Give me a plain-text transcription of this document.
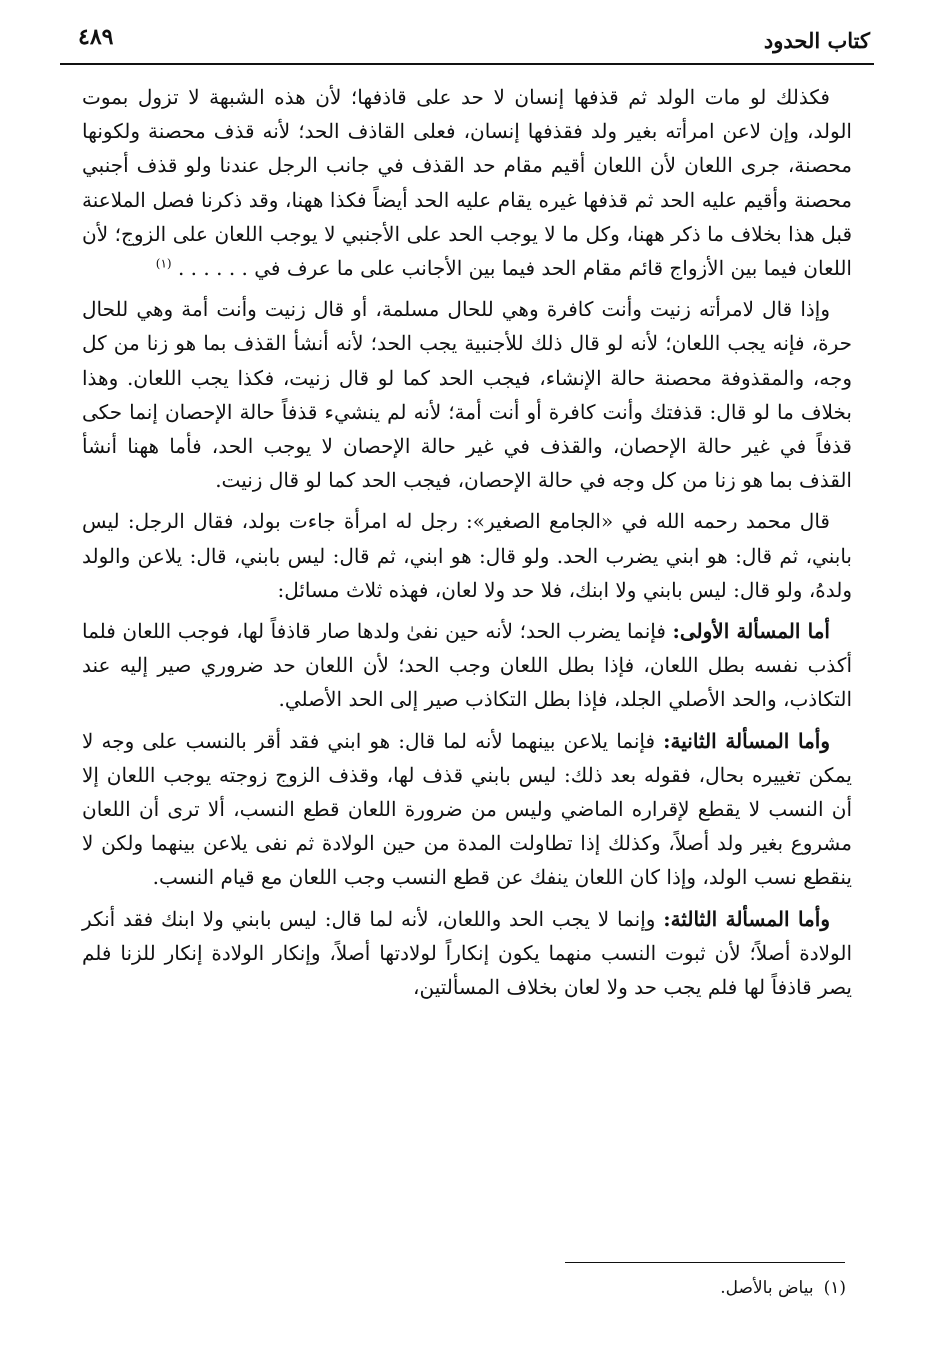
كتاب الحدود
٤٨٩

فكذلك لو مات الولد ثم قذفها إنسان لا حد على قاذفها؛ لأن هذه الشبهة لا تزول بموت الولد، وإن لاعن امرأته بغير ولد فقذفها إنسان، فعلى القاذف الحد؛ لأنه قذف محصنة ولكونها محصنة، جرى اللعان لأن اللعان أقيم مقام حد القذف في جانب الرجل عندنا ولو قذف أجنبي محصنة وأقيم عليه الحد ثم قذفها غيره يقام عليه الحد أيضاً فكذا ههنا، وقد ذكرنا فصل الملاعنة قبل هذا بخلاف ما ذكر ههنا، وكل ما لا يوجب الحد على الأجنبي لا يوجب اللعان على الزوج؛ لأن اللعان فيما بين الأزواج قائم مقام الحد فيما بين الأجانب على ما عرف في . . . . . . $^{(١)}$

وإذا قال لامرأته زنيت وأنت كافرة وهي للحال مسلمة، أو قال زنيت وأنت أمة وهي للحال حرة، فإنه يجب اللعان؛ لأنه لو قال ذلك للأجنبية يجب الحد؛ لأنه أنشأ القذف بما هو زنا من كل وجه، والمقذوفة محصنة حالة الإنشاء، فيجب الحد كما لو قال زنيت، فكذا يجب اللعان. وهذا بخلاف ما لو قال: قذفتك وأنت كافرة أو أنت أمة؛ لأنه لم ينشيء قذفاً حالة الإحصان إنما حكى قذفاً في غير حالة الإحصان، والقذف في غير حالة الإحصان لا يوجب الحد، فأما ههنا أنشأ القذف بما هو زنا من كل وجه في حالة الإحصان، فيجب الحد كما لو قال زنيت.

قال محمد رحمه الله في «الجامع الصغير»: رجل له امرأة جاءت بولد، فقال الرجل: ليس بابني، ثم قال: هو ابني يضرب الحد. ولو قال: هو ابني، ثم قال: ليس بابني، قال: يلاعن والولد ولدهُ، ولو قال: ليس بابني ولا ابنك، فلا حد ولا لعان، فهذه ثلاث مسائل:

أما المسألة الأولى: فإنما يضرب الحد؛ لأنه حين نفىٰ ولدها صار قاذفاً لها، فوجب اللعان فلما أكذب نفسه بطل اللعان، فإذا بطل اللعان وجب الحد؛ لأن اللعان حد ضروري صير إليه عند التكاذب، والحد الأصلي الجلد، فإذا بطل التكاذب صير إلى الحد الأصلي.

وأما المسألة الثانية: فإنما يلاعن بينهما لأنه لما قال: هو ابني فقد أقر بالنسب على وجه لا يمكن تغييره بحال، فقوله بعد ذلك: ليس بابني قذف لها، وقذف الزوج زوجته يوجب اللعان إلا أن النسب لا يقطع لإقراره الماضي وليس من ضرورة اللعان قطع النسب، ألا ترى أن اللعان مشروع بغير ولد أصلاً، وكذلك إذا تطاولت المدة من حين الولادة ثم نفى يلاعن بينهما ولكن لا ينقطع نسب الولد، وإذا كان اللعان ينفك عن قطع النسب وجب اللعان مع قيام النسب.

وأما المسألة الثالثة: وإنما لا يجب الحد واللعان، لأنه لما قال: ليس بابني ولا ابنك فقد أنكر الولادة أصلاً؛ لأن ثبوت النسب منهما يكون إنكاراً لولادتها أصلاً، وإنكار الولادة إنكار للزنا فلم يصر قاذفاً لها فلم يجب حد ولا لعان بخلاف المسألتين،

(١)بياض بالأصل.
